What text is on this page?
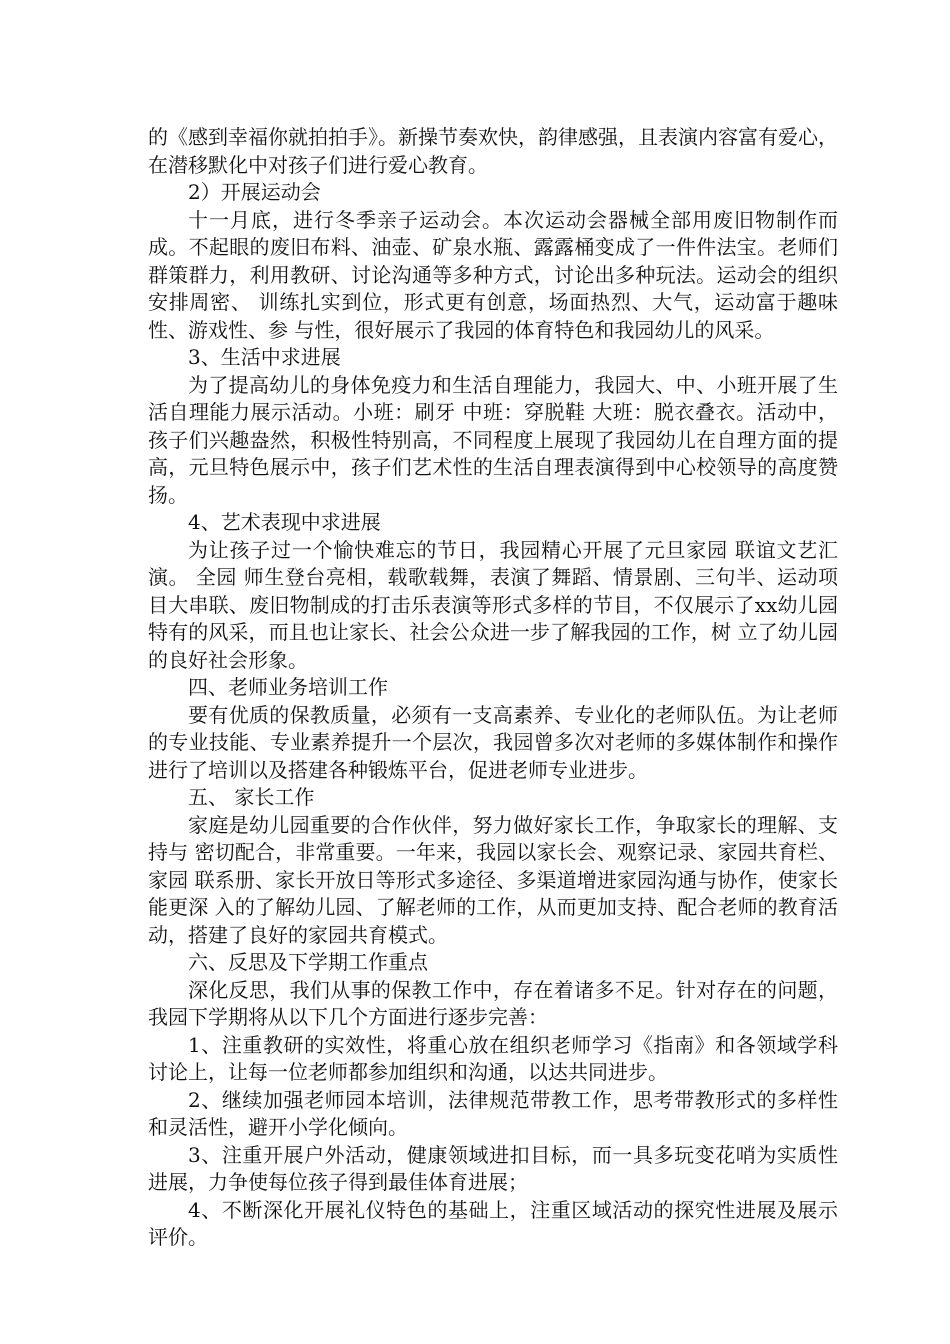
的《感到幸福你就拍拍手》。新操节奏欢快，韵律感强，且表演内容富有爱心，在潜移默化中对孩子们进行爱心教育。

2）开展运动会

十一月底，进行冬季亲子运动会。本次运动会器械全部用废旧物制作而成。不起眼的废旧布料、油壶、矿泉水瓶、露露桶变成了一件件法宝。老师们群策群力，利用教研、讨论沟通等多种方式，讨论出多种玩法。运动会的组织安排周密、 训练扎实到位，形式更有创意，场面热烈、大气，运动富于趣味性、游戏性、参 与性，很好展示了我园的体育特色和我园幼儿的风采。

3、生活中求进展

为了提高幼儿的身体免疫力和生活自理能力，我园大、中、小班开展了生活自理能力展示活动。小班：刷牙 中班：穿脱鞋 大班：脱衣叠衣。活动中，孩子们兴趣盎然，积极性特别高，不同程度上展现了我园幼儿在自理方面的提高，元旦特色展示中，孩子们艺术性的生活自理表演得到中心校领导的高度赞扬。

4、艺术表现中求进展

为让孩子过一个愉快难忘的节日，我园精心开展了元旦家园 联谊文艺汇演。 全园 师生登台亮相，载歌载舞，表演了舞蹈、情景剧、三句半、运动项目大串联、废旧物制成的打击乐表演等形式多样的节目，不仅展示了xx幼儿园特有的风采，而且也让家长、社会公众进一步了解我园的工作，树 立了幼儿园的良好社会形象。

四、老师业务培训工作

要有优质的保教质量，必须有一支高素养、专业化的老师队伍。为让老师的专业技能、专业素养提升一个层次，我园曾多次对老师的多媒体制作和操作进行了培训以及搭建各种锻炼平台，促进老师专业进步。

五、 家长工作

家庭是幼儿园重要的合作伙伴，努力做好家长工作，争取家长的理解、支持与 密切配合，非常重要。一年来，我园以家长会、观察记录、家园共育栏、家园 联系册、家长开放日等形式多途径、多渠道增进家园沟通与协作，使家长能更深 入的了解幼儿园、了解老师的工作，从而更加支持、配合老师的教育活动，搭建了良好的家园共育模式。

六、反思及下学期工作重点

深化反思，我们从事的保教工作中，存在着诸多不足。针对存在的问题，我园下学期将从以下几个方面进行逐步完善：

1、注重教研的实效性，将重心放在组织老师学习《指南》和各领域学科讨论上，让每一位老师都参加组织和沟通，以达共同进步。

2、继续加强老师园本培训，法律规范带教工作，思考带教形式的多样性和灵活性，避开小学化倾向。

3、注重开展户外活动，健康领域进扣目标，而一具多玩变花哨为实质性进展，力争使每位孩子得到最佳体育进展；

4、不断深化开展礼仪特色的基础上，注重区域活动的探究性进展及展示评价。
